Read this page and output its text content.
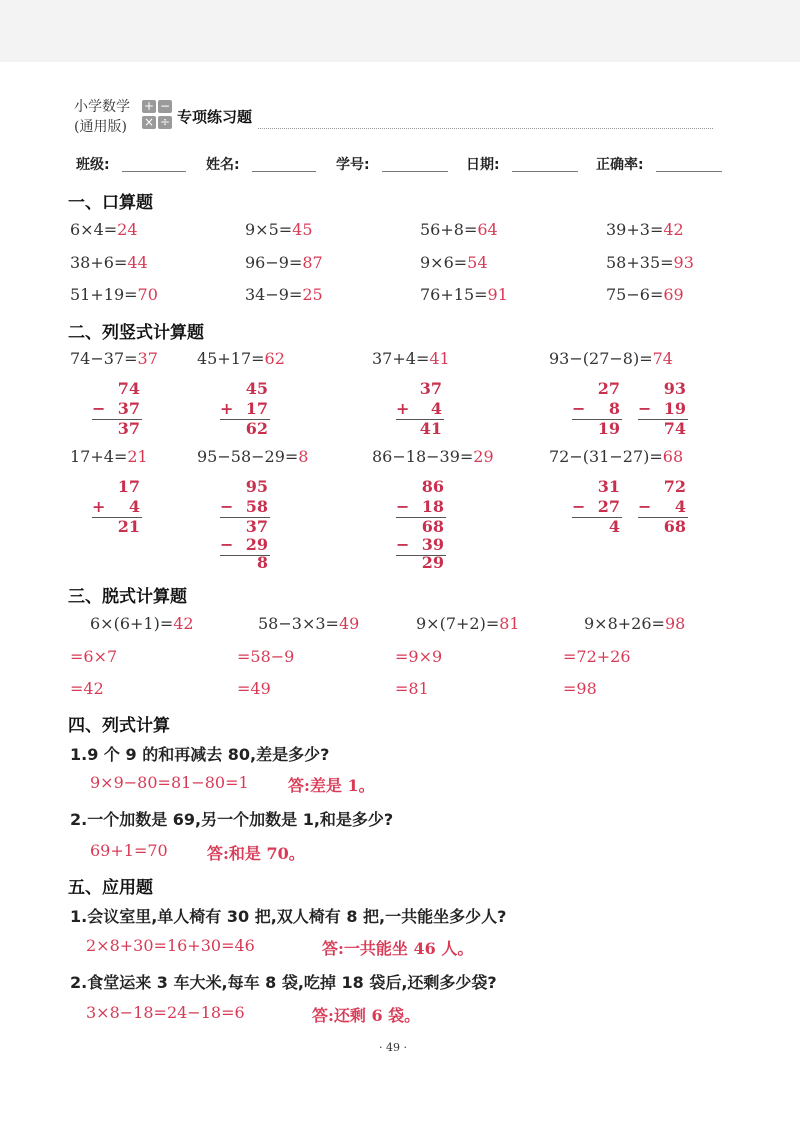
小学数学
(通用版)
+ −
× ÷ 专项练习题
班级:	姓名:	学号:	日期:	正确率:
一、口算题
6×4=24	9×5=45	56+8=64	39+3=42
38+6=44	96−9=87	9×6=54	58+35=93
51+19=70	34−9=25	76+15=91	75−6=69
二、列竖式计算题
74−37=37 45+17=62	37+4=41	93−(27−8)=74
74
− 37
37
45
+ 17
62
37
+	4
41
27
−	8
19
93
− 19
74
17+4=21	95−58−29=8	86−18−39=29	72−(31−27)=68
17
+	4
21
95
− 58
37
− 29
8
86
− 18
68
− 39
29
31
− 27
4
72
−	4
68
三、脱式计算题
6×(6+1)=42	58−3×3=49	9×(7+2)=81	9×8+26=98
=6×7	=58−9	=9×9	=72+26
=42	=49	=81	=98
四、列式计算
1.9 个 9 的和再减去 80,差是多少?
9×9−80=81−80=1 答:差是 1。
2.一个加数是 69,另一个加数是 1,和是多少?
69+1=70 答:和是 70。
五、应用题
1.会议室里,单人椅有 30 把,双人椅有 8 把,一共能坐多少人?
2×8+30=16+30=46	答:一共能坐 46 人。
2.食堂运来 3 车大米,每车 8 袋,吃掉 18 袋后,还剩多少袋?
3×8−18=24−18=6	答:还剩 6 袋。
· 49 ·
